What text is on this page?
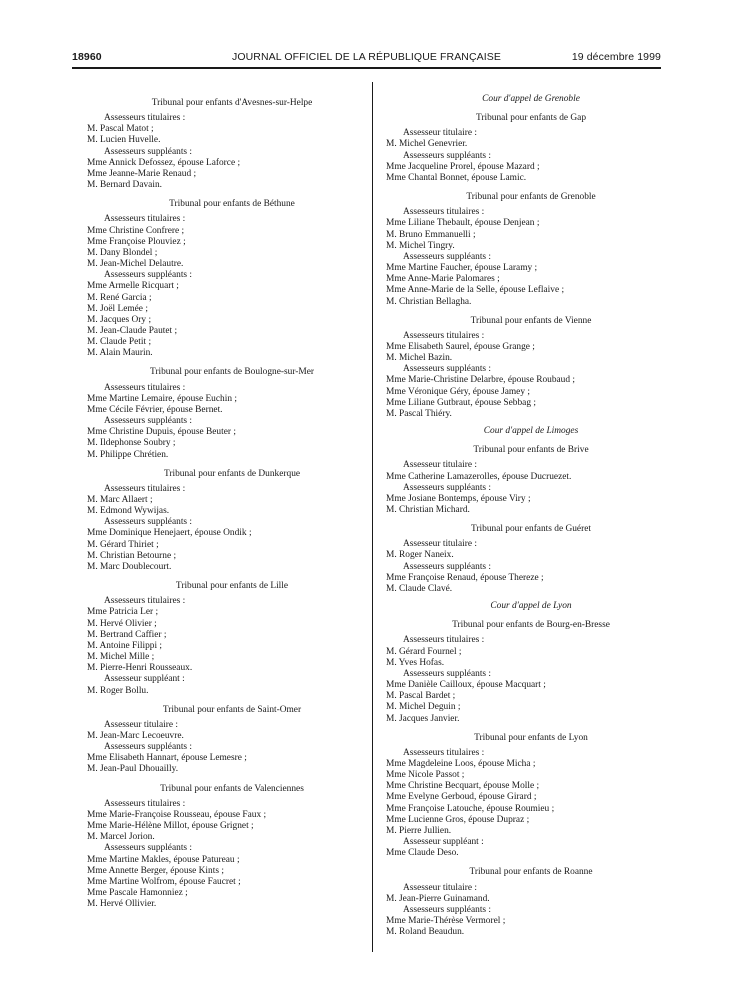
18960	JOURNAL OFFICIEL DE LA RÉPUBLIQUE FRANÇAISE	19 décembre 1999
Tribunal pour enfants d'Avesnes-sur-Helpe
Assesseurs titulaires :
M. Pascal Matot ;
M. Lucien Huvelle.
Assesseurs suppléants :
Mme Annick Defossez, épouse Laforce ;
Mme Jeanne-Marie Renaud ;
M. Bernard Davain.
Tribunal pour enfants de Béthune
Assesseurs titulaires :
Mme Christine Confrere ;
Mme Françoise Plouviez ;
M. Dany Blondel ;
M. Jean-Michel Delautre.
Assesseurs suppléants :
Mme Armelle Ricquart ;
M. René Garcia ;
M. Joël Lemée ;
M. Jacques Ory ;
M. Jean-Claude Pautet ;
M. Claude Petit ;
M. Alain Maurin.
Tribunal pour enfants de Boulogne-sur-Mer
Assesseurs titulaires :
Mme Martine Lemaire, épouse Euchin ;
Mme Cécile Février, épouse Bernet.
Assesseurs suppléants :
Mme Christine Dupuis, épouse Beuter ;
M. Ildephonse Soubry ;
M. Philippe Chrétien.
Tribunal pour enfants de Dunkerque
Assesseurs titulaires :
M. Marc Allaert ;
M. Edmond Wywijas.
Assesseurs suppléants :
Mme Dominique Henejaert, épouse Ondik ;
M. Gérard Thiriet ;
M. Christian Betourne ;
M. Marc Doublecourt.
Tribunal pour enfants de Lille
Assesseurs titulaires :
Mme Patricia Ler ;
M. Hervé Olivier ;
M. Bertrand Caffier ;
M. Antoine Filippi ;
M. Michel Mille ;
M. Pierre-Henri Rousseaux.
Assesseur suppléant :
M. Roger Bollu.
Tribunal pour enfants de Saint-Omer
Assesseur titulaire :
M. Jean-Marc Lecoeuvre.
Assesseurs suppléants :
Mme Elisabeth Hannart, épouse Lemesre ;
M. Jean-Paul Dhouailly.
Tribunal pour enfants de Valenciennes
Assesseurs titulaires :
Mme Marie-Françoise Rousseau, épouse Faux ;
Mme Marie-Hélène Millot, épouse Grignet ;
M. Marcel Jorion.
Assesseurs suppléants :
Mme Martine Makles, épouse Patureau ;
Mme Annette Berger, épouse Kints ;
Mme Martine Wolfrom, épouse Faucret ;
Mme Pascale Hamonniez ;
M. Hervé Ollivier.
Cour d'appel de Grenoble
Tribunal pour enfants de Gap
Assesseur titulaire :
M. Michel Genevrier.
Assesseurs suppléants :
Mme Jacqueline Prorel, épouse Mazard ;
Mme Chantal Bonnet, épouse Lamic.
Tribunal pour enfants de Grenoble
Assesseurs titulaires :
Mme Liliane Thebault, épouse Denjean ;
M. Bruno Emmanuelli ;
M. Michel Tingry.
Assesseurs suppléants :
Mme Martine Faucher, épouse Laramy ;
Mme Anne-Marie Palomares ;
Mme Anne-Marie de la Selle, épouse Leflaive ;
M. Christian Bellagha.
Tribunal pour enfants de Vienne
Assesseurs titulaires :
Mme Elisabeth Saurel, épouse Grange ;
M. Michel Bazin.
Assesseurs suppléants :
Mme Marie-Christine Delarbre, épouse Roubaud ;
Mme Véronique Géry, épouse Jamey ;
Mme Liliane Gutbraut, épouse Sebbag ;
M. Pascal Thiéry.
Cour d'appel de Limoges
Tribunal pour enfants de Brive
Assesseur titulaire :
Mme Catherine Lamazerolles, épouse Ducruezet.
Assesseurs suppléants :
Mme Josiane Bontemps, épouse Viry ;
M. Christian Michard.
Tribunal pour enfants de Guéret
Assesseur titulaire :
M. Roger Naneix.
Assesseurs suppléants :
Mme Françoise Renaud, épouse Thereze ;
M. Claude Clavé.
Cour d'appel de Lyon
Tribunal pour enfants de Bourg-en-Bresse
Assesseurs titulaires :
M. Gérard Fournel ;
M. Yves Hofas.
Assesseurs suppléants :
Mme Danièle Cailloux, épouse Macquart ;
M. Pascal Bardet ;
M. Michel Deguin ;
M. Jacques Janvier.
Tribunal pour enfants de Lyon
Assesseurs titulaires :
Mme Magdeleine Loos, épouse Micha ;
Mme Nicole Passot ;
Mme Christine Becquart, épouse Molle ;
Mme Evelyne Gerboud, épouse Girard ;
Mme Françoise Latouche, épouse Roumieu ;
Mme Lucienne Gros, épouse Dupraz ;
M. Pierre Jullien.
Assesseur suppléant :
Mme Claude Deso.
Tribunal pour enfants de Roanne
Assesseur titulaire :
M. Jean-Pierre Guinamand.
Assesseurs suppléants :
Mme Marie-Thérèse Vermorel ;
M. Roland Beaudun.
